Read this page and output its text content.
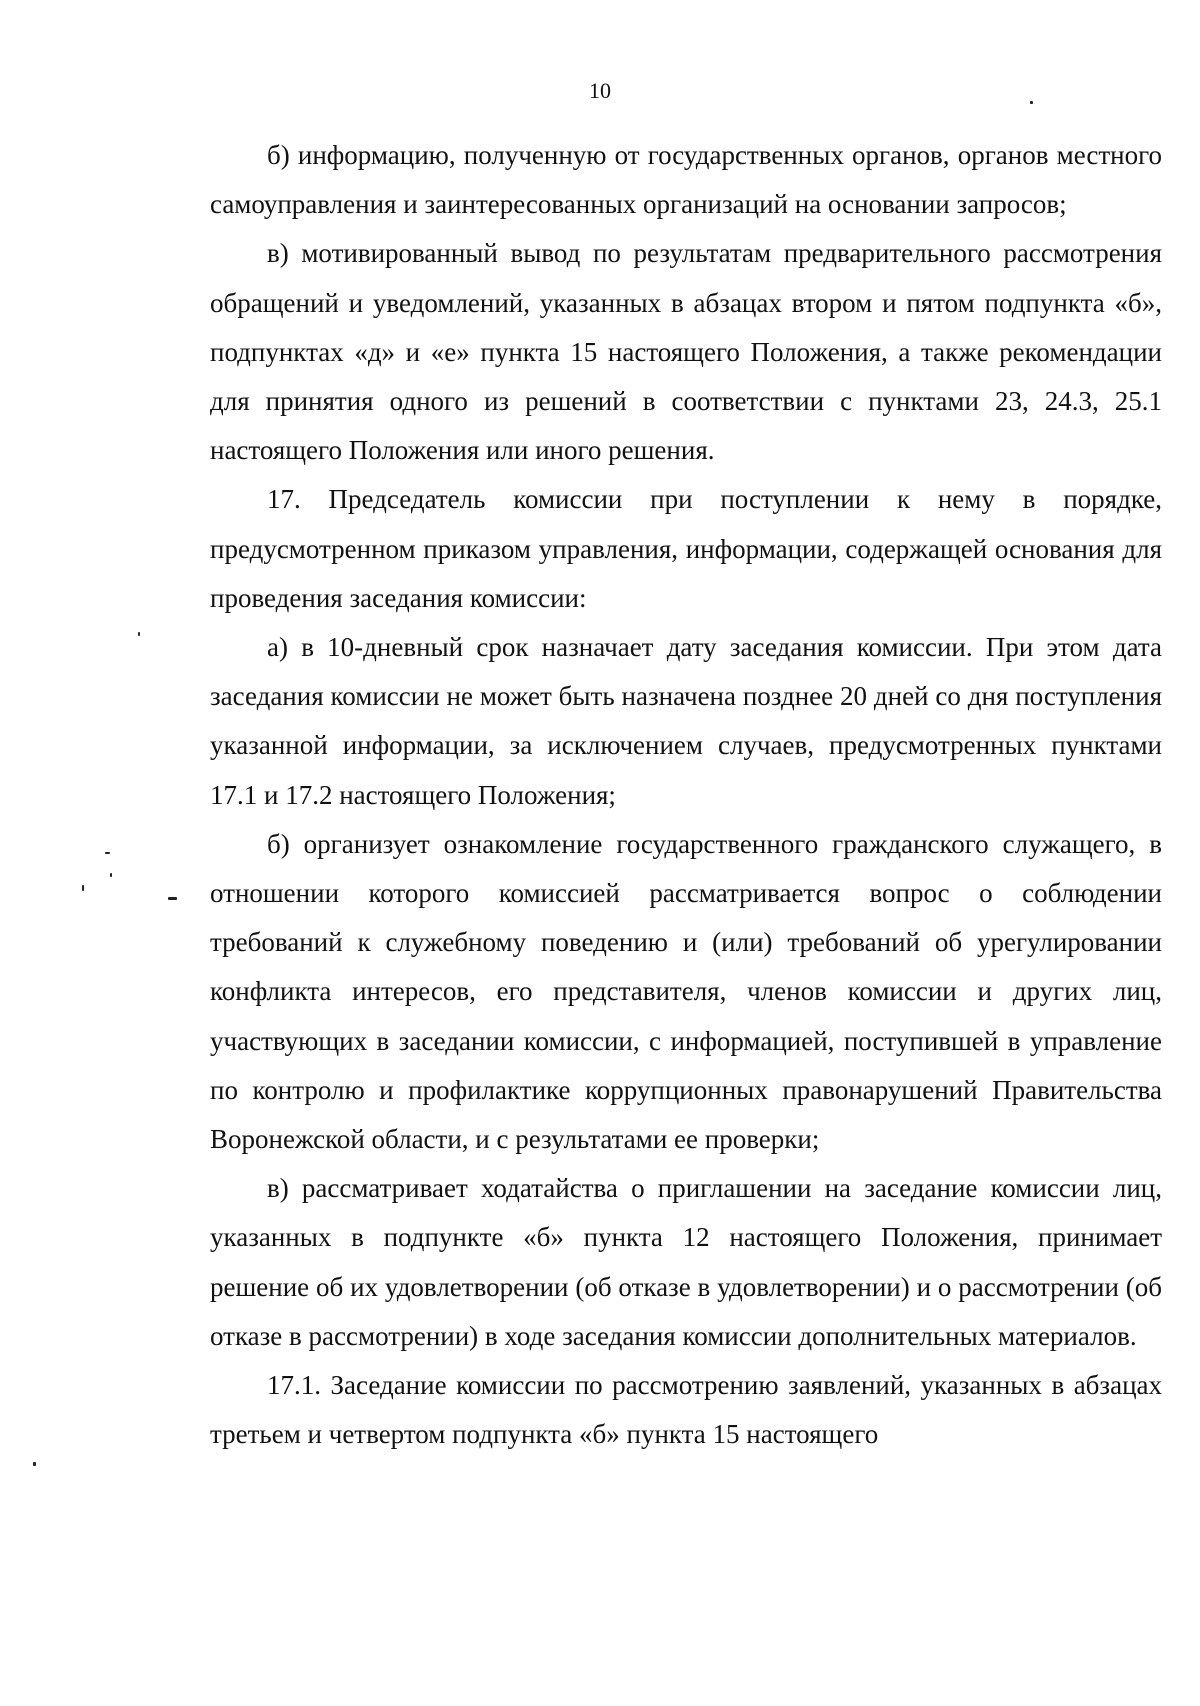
10

б) информацию, полученную от государственных органов, органов местного самоуправления и заинтересованных организаций на основании запросов;

в) мотивированный вывод по результатам предварительного рассмотрения обращений и уведомлений, указанных в абзацах втором и пятом подпункта «б», подпунктах «д» и «е» пункта 15 настоящего Положения, а также рекомендации для принятия одного из решений в соответствии с пунктами 23, 24.3, 25.1 настоящего Положения или иного решения.

17. Председатель комиссии при поступлении к нему в порядке, предусмотренном приказом управления, информации, содержащей основания для проведения заседания комиссии:

а) в 10-дневный срок назначает дату заседания комиссии. При этом дата заседания комиссии не может быть назначена позднее 20 дней со дня поступления указанной информации, за исключением случаев, предусмотренных пунктами 17.1 и 17.2 настоящего Положения;

б) организует ознакомление государственного гражданского служащего, в отношении которого комиссией рассматривается вопрос о соблюдении требований к служебному поведению и (или) требований об урегулировании конфликта интересов, его представителя, членов комиссии и других лиц, участвующих в заседании комиссии, с информацией, поступившей в управление по контролю и профилактике коррупционных правонарушений Правительства Воронежской области, и с результатами ее проверки;

в) рассматривает ходатайства о приглашении на заседание комиссии лиц, указанных в подпункте «б» пункта 12 настоящего Положения, принимает решение об их удовлетворении (об отказе в удовлетворении) и о рассмотрении (об отказе в рассмотрении) в ходе заседания комиссии дополнительных материалов.

17.1. Заседание комиссии по рассмотрению заявлений, указанных в абзацах третьем и четвертом подпункта «б» пункта 15 настоящего
